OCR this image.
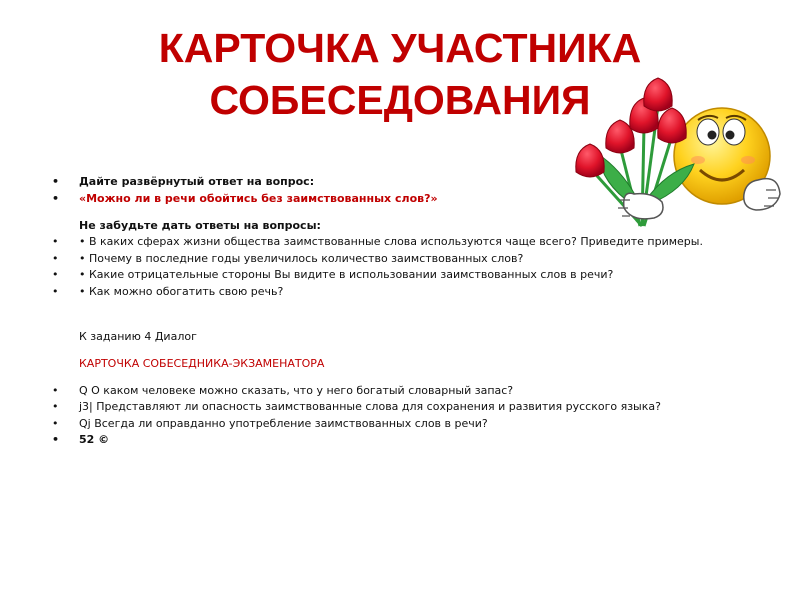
КАРТОЧКА УЧАСТНИКА
СОБЕСЕДОВАНИЯ
• Дайте развёрнутый ответ на вопрос:
• «Можно ли в речи обойтись без заимствованных слов?»
Не забудьте дать ответы на вопросы:
• • В каких сферах жизни общества заимствованные слова используются чаще всего? Приведите примеры.
• • Почему в последние годы увеличилось количество заимствованных слов?
• • Какие отрицательные стороны Вы видите в использовании заимствованных слов в речи?
• • Как можно обогатить свою речь?
К заданию 4 Диалог
КАРТОЧКА СОБЕСЕДНИКА-ЭКЗАМЕНАТОРА
• Q О каком человеке можно сказать, что у него богатый словарный запас?
• j3| Представляют ли опасность заимствованные слова для сохранения и развития русского языка?
• Qj Всегда ли оправданно употребление заимствованных слов в речи?
• 52 ©
